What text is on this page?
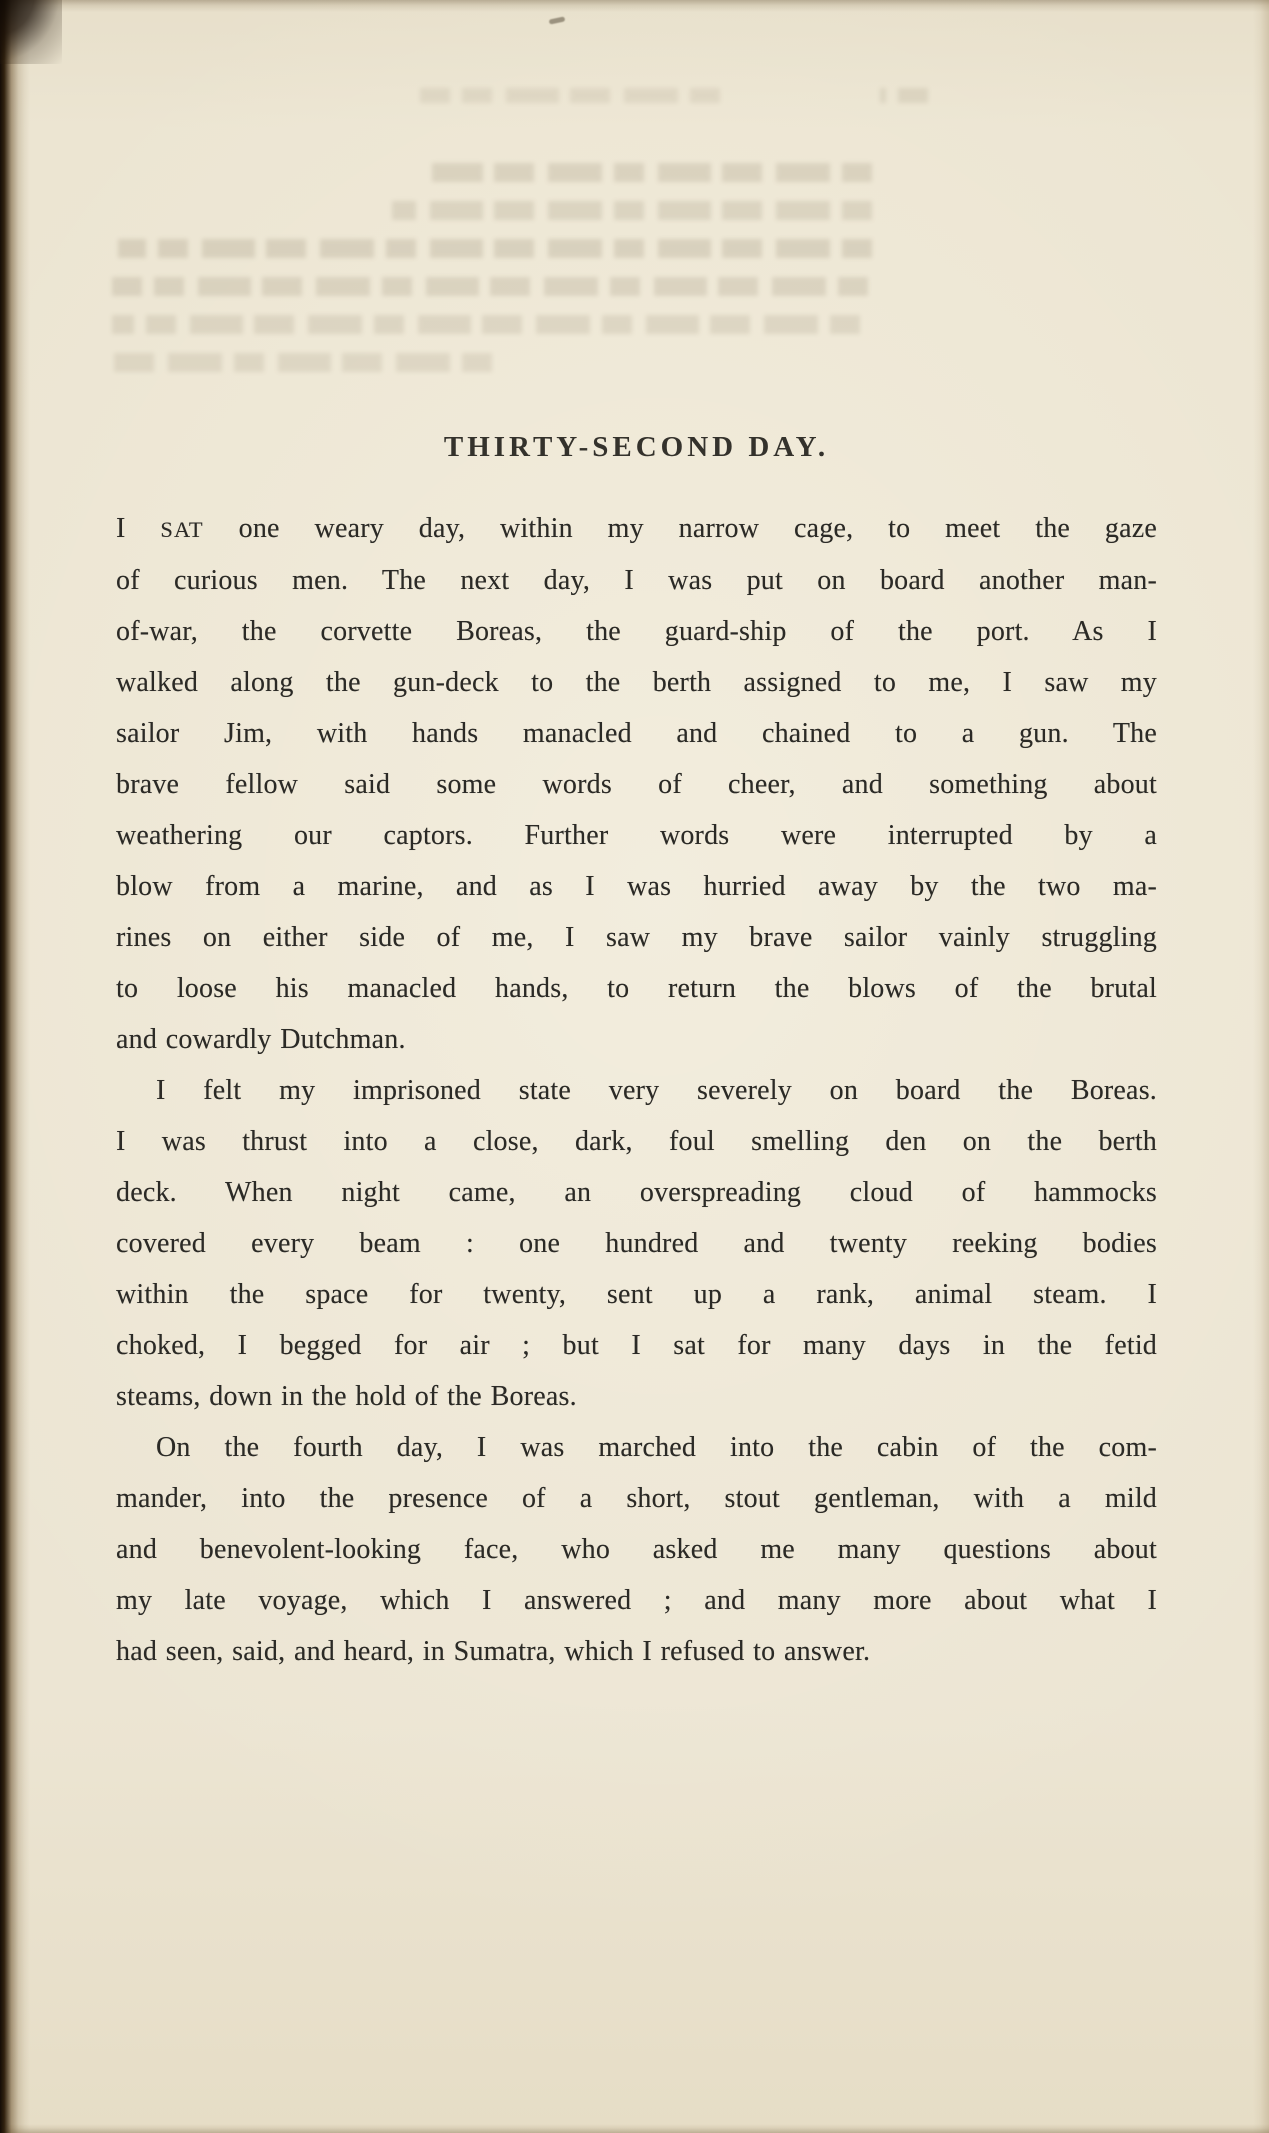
THIRTY-SECOND DAY.
I SAT one weary day, within my narrow cage, to meet the gaze
of curious men. The next day, I was put on board another man-
of-war, the corvette Boreas, the guard-ship of the port. As I
walked along the gun-deck to the berth assigned to me, I saw my
sailor Jim, with hands manacled and chained to a gun. The
brave fellow said some words of cheer, and something about
weathering our captors. Further words were interrupted by a
blow from a marine, and as I was hurried away by the two ma-
rines on either side of me, I saw my brave sailor vainly struggling
to loose his manacled hands, to return the blows of the brutal
and cowardly Dutchman.
I felt my imprisoned state very severely on board the Boreas.
I was thrust into a close, dark, foul smelling den on the berth
deck. When night came, an overspreading cloud of hammocks
covered every beam : one hundred and twenty reeking bodies
within the space for twenty, sent up a rank, animal steam. I
choked, I begged for air ; but I sat for many days in the fetid
steams, down in the hold of the Boreas.
On the fourth day, I was marched into the cabin of the com-
mander, into the presence of a short, stout gentleman, with a mild
and benevolent-looking face, who asked me many questions about
my late voyage, which I answered ; and many more about what I
had seen, said, and heard, in Sumatra, which I refused to answer.
